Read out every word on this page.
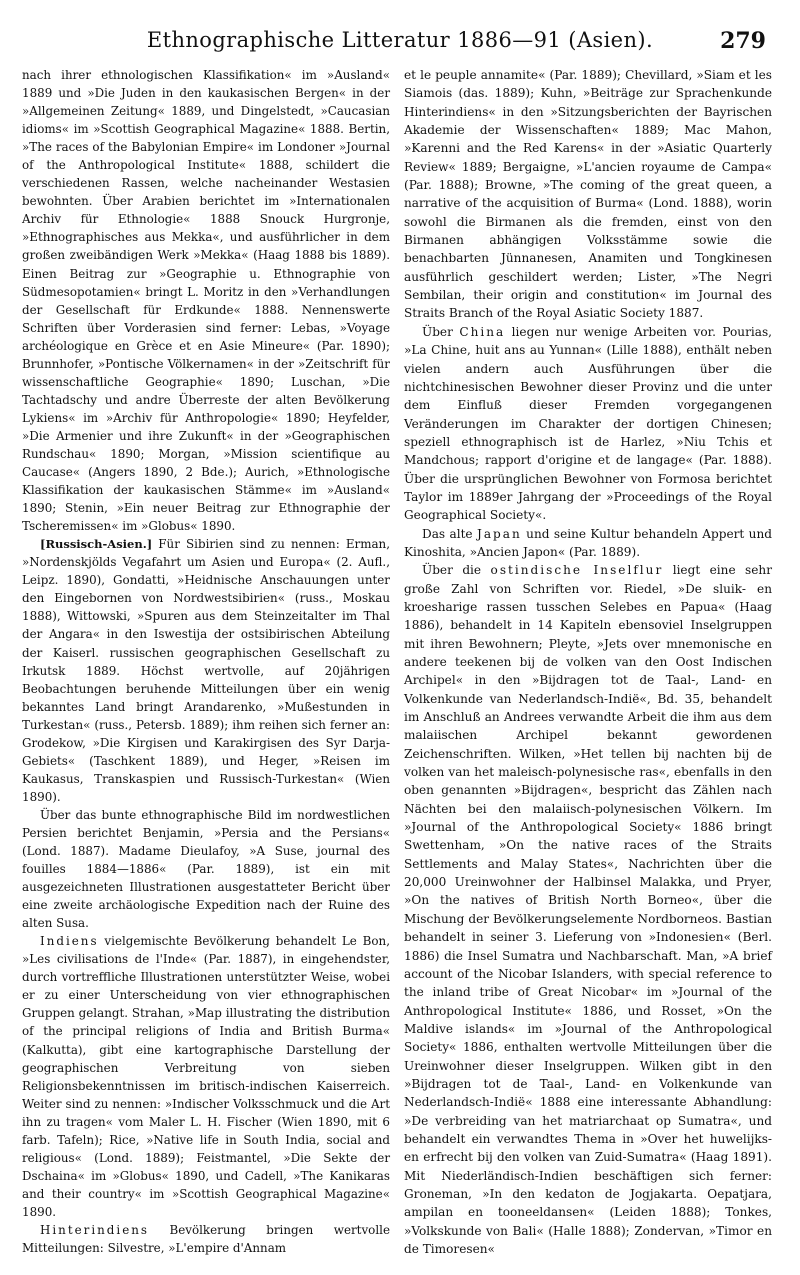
Ethnographische Litteratur 1886—91 (Asien).	279

nach ihrer ethnologischen Klassifikation« im »Ausland« 1889 und »Die Juden in den kaukasischen Bergen« in der »Allgemeinen Zeitung« 1889, und Dingelstedt, »Caucasian idioms« im »Scottish Geographical Magazine« 1888. Bertin, »The races of the Babylonian Empire« im Londoner »Journal of the Anthropological Institute« 1888, schildert die verschiedenen Rassen, welche nacheinander Westasien bewohnten. Über Arabien berichtet im »Internationalen Archiv für Ethnologie« 1888 Snouck Hurgronje, »Ethnographisches aus Mekka«, und ausführlicher in dem großen zweibändigen Werk »Mekka« (Haag 1888 bis 1889). Einen Beitrag zur »Geographie u. Ethnographie von Südmesopotamien« bringt L. Moritz in den »Verhandlungen der Gesellschaft für Erdkunde« 1888. Nennenswerte Schriften über Vorderasien sind ferner: Lebas, »Voyage archéologique en Grèce et en Asie Mineure« (Par. 1890); Brunnhofer, »Pontische Völkernamen« in der »Zeitschrift für wissenschaftliche Geographie« 1890; Luschan, »Die Tachtadschy und andre Überreste der alten Bevölkerung Lykiens« im »Archiv für Anthropologie« 1890; Heyfelder, »Die Armenier und ihre Zukunft« in der »Geographischen Rundschau« 1890; Morgan, »Mission scientifique au Caucase« (Angers 1890, 2 Bde.); Aurich, »Ethnologische Klassifikation der kaukasischen Stämme« im »Ausland« 1890; Stenin, »Ein neuer Beitrag zur Ethnographie der Tscheremissen« im »Globus« 1890.

[Russisch-Asien.] Für Sibirien sind zu nennen: Erman, »Nordenskjölds Vegafahrt um Asien und Europa« (2. Aufl., Leipz. 1890), Gondatti, »Heidnische Anschauungen unter den Eingebornen von Nordwestsibirien« (russ., Moskau 1888), Wittowski, »Spuren aus dem Steinzeitalter im Thal der Angara« in den Iswestija der ostsibirischen Abteilung der Kaiserl. russischen geographischen Gesellschaft zu Irkutsk 1889. Höchst wertvolle, auf 20jährigen Beobachtungen beruhende Mitteilungen über ein wenig bekanntes Land bringt Arandarenko, »Mußestunden in Turkestan« (russ., Petersb. 1889); ihm reihen sich ferner an: Grodekow, »Die Kirgisen und Karakirgisen des Syr Darja-Gebiets« (Taschkent 1889), und Heger, »Reisen im Kaukasus, Transkaspien und Russisch-Turkestan« (Wien 1890).

Über das bunte ethnographische Bild im nordwestlichen Persien berichtet Benjamin, »Persia and the Persians« (Lond. 1887). Madame Dieulafoy, »A Suse, journal des fouilles 1884—1886« (Par. 1889), ist ein mit ausgezeichneten Illustrationen ausgestatteter Bericht über eine zweite archäologische Expedition nach der Ruine des alten Susa.

Indiens vielgemischte Bevölkerung behandelt Le Bon, »Les civilisations de l'Inde« (Par. 1887), in eingehendster, durch vortreffliche Illustrationen unterstützter Weise, wobei er zu einer Unterscheidung von vier ethnographischen Gruppen gelangt. Strahan, »Map illustrating the distribution of the principal religions of India and British Burma« (Kalkutta), gibt eine kartographische Darstellung der geographischen Verbreitung von sieben Religionsbekenntnissen im britisch-indischen Kaiserreich. Weiter sind zu nennen: »Indischer Volksschmuck und die Art ihn zu tragen« vom Maler L. H. Fischer (Wien 1890, mit 6 farb. Tafeln); Rice, »Native life in South India, social and religious« (Lond. 1889); Feistmantel, »Die Sekte der Dschaina« im »Globus« 1890, und Cadell, »The Kanikaras and their country« im »Scottish Geographical Magazine« 1890.

Hinterindiens Bevölkerung bringen wertvolle Mitteilungen: Silvestre, »L'empire d'Annam

et le peuple annamite« (Par. 1889); Chevillard, »Siam et les Siamois (das. 1889); Kuhn, »Beiträge zur Sprachenkunde Hinterindiens« in den »Sitzungsberichten der Bayrischen Akademie der Wissenschaften« 1889; Mac Mahon, »Karenni and the Red Karens« in der »Asiatic Quarterly Review« 1889; Bergaigne, »L'ancien royaume de Campa« (Par. 1888); Browne, »The coming of the great queen, a narrative of the acquisition of Burma« (Lond. 1888), worin sowohl die Birmanen als die fremden, einst von den Birmanen abhängigen Volksstämme sowie die benachbarten Jünnanesen, Anamiten und Tongkinesen ausführlich geschildert werden; Lister, »The Negri Sembilan, their origin and constitution« im Journal des Straits Branch of the Royal Asiatic Society 1887.

Über China liegen nur wenige Arbeiten vor. Pourias, »La Chine, huit ans au Yunnan« (Lille 1888), enthält neben vielen andern auch Ausführungen über die nichtchinesischen Bewohner dieser Provinz und die unter dem Einfluß dieser Fremden vorgegangenen Veränderungen im Charakter der dortigen Chinesen; speziell ethnographisch ist de Harlez, »Niu Tchis et Mandchous; rapport d'origine et de langage« (Par. 1888). Über die ursprünglichen Bewohner von Formosa berichtet Taylor im 1889er Jahrgang der »Proceedings of the Royal Geographical Society«.

Das alte Japan und seine Kultur behandeln Appert und Kinoshita, »Ancien Japon« (Par. 1889).

Über die ostindische Inselflur liegt eine sehr große Zahl von Schriften vor. Riedel, »De sluik- en kroesharige rassen tusschen Selebes en Papua« (Haag 1886), behandelt in 14 Kapiteln ebensoviel Inselgruppen mit ihren Bewohnern; Pleyte, »Jets over mnemonische en andere teekenen bij de volken van den Oost Indischen Archipel« in den »Bijdragen tot de Taal-, Land- en Volkenkunde van Nederlandsch-Indië«, Bd. 35, behandelt im Anschluß an Andrees verwandte Arbeit die ihm aus dem malaiischen Archipel bekannt gewordenen Zeichenschriften. Wilken, »Het tellen bij nachten bij de volken van het maleisch-polynesische ras«, ebenfalls in den oben genannten »Bijdragen«, bespricht das Zählen nach Nächten bei den malaiisch-polynesischen Völkern. Im »Journal of the Anthropological Society« 1886 bringt Swettenham, »On the native races of the Straits Settlements and Malay States«, Nachrichten über die 20,000 Ureinwohner der Halbinsel Malakka, und Pryer, »On the natives of British North Borneo«, über die Mischung der Bevölkerungselemente Nordborneos. Bastian behandelt in seiner 3. Lieferung von »Indonesien« (Berl. 1886) die Insel Sumatra und Nachbarschaft. Man, »A brief account of the Nicobar Islanders, with special reference to the inland tribe of Great Nicobar« im »Journal of the Anthropological Institute« 1886, und Rosset, »On the Maldive islands« im »Journal of the Anthropological Society« 1886, enthalten wertvolle Mitteilungen über die Ureinwohner dieser Inselgruppen. Wilken gibt in den »Bijdragen tot de Taal-, Land- en Volkenkunde van Nederlandsch-Indië« 1888 eine interessante Abhandlung: »De verbreiding van het matriarchaat op Sumatra«, und behandelt ein verwandtes Thema in »Over het huwelijks- en erfrecht bij den volken van Zuid-Sumatra« (Haag 1891). Mit Niederländisch-Indien beschäftigen sich ferner: Groneman, »In den kedaton de Jogjakarta. Oepatjara, ampilan en tooneeldansen« (Leiden 1888); Tonkes, »Volkskunde von Bali« (Halle 1888); Zondervan, »Timor en de Timoresen«
